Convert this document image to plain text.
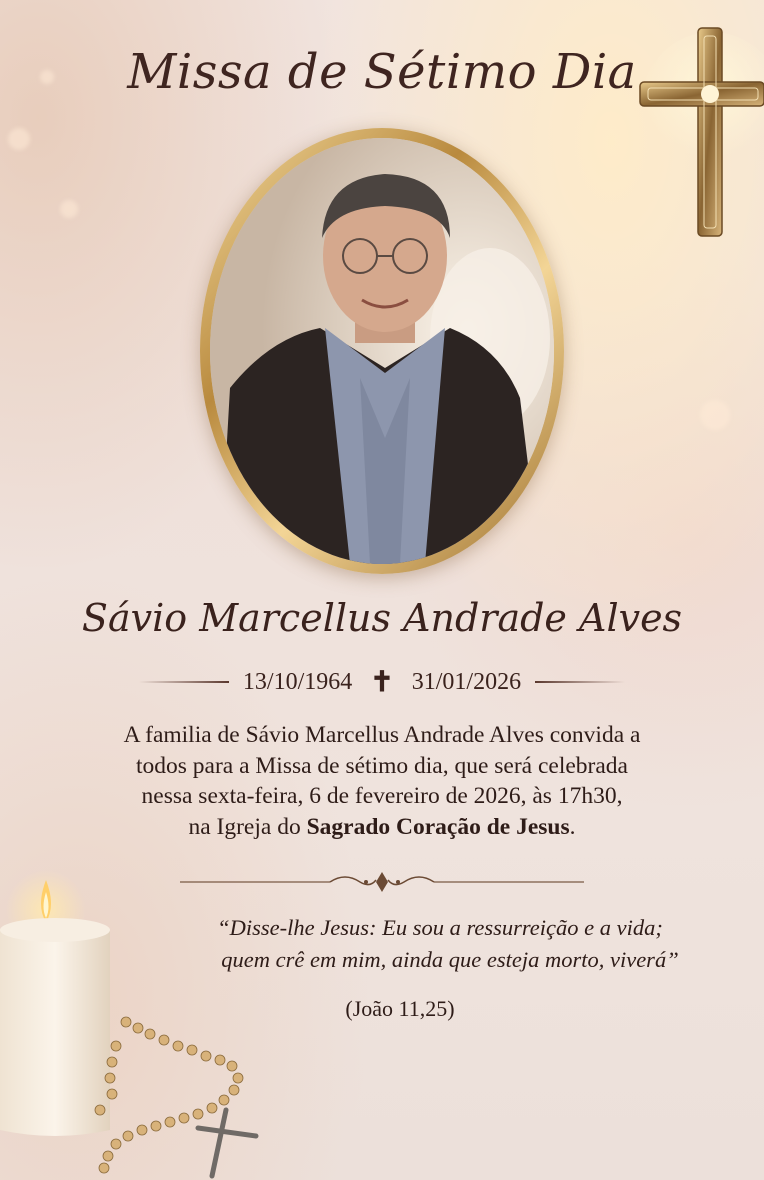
Missa de Sétimo Dia
Sávio Marcellus Andrade Alves
13/10/1964 ✝ 31/01/2026
A familia de Sávio Marcellus Andrade Alves convida a
todos para a Missa de sétimo dia, que será celebrada
nessa sexta-feira, 6 de fevereiro de 2026, às 17h30,
na Igreja do Sagrado Coração de Jesus.
“Disse-lhe Jesus: Eu sou a ressurreição e a vida;
quem crê em mim, ainda que esteja morto, viverá”
(João 11,25)
